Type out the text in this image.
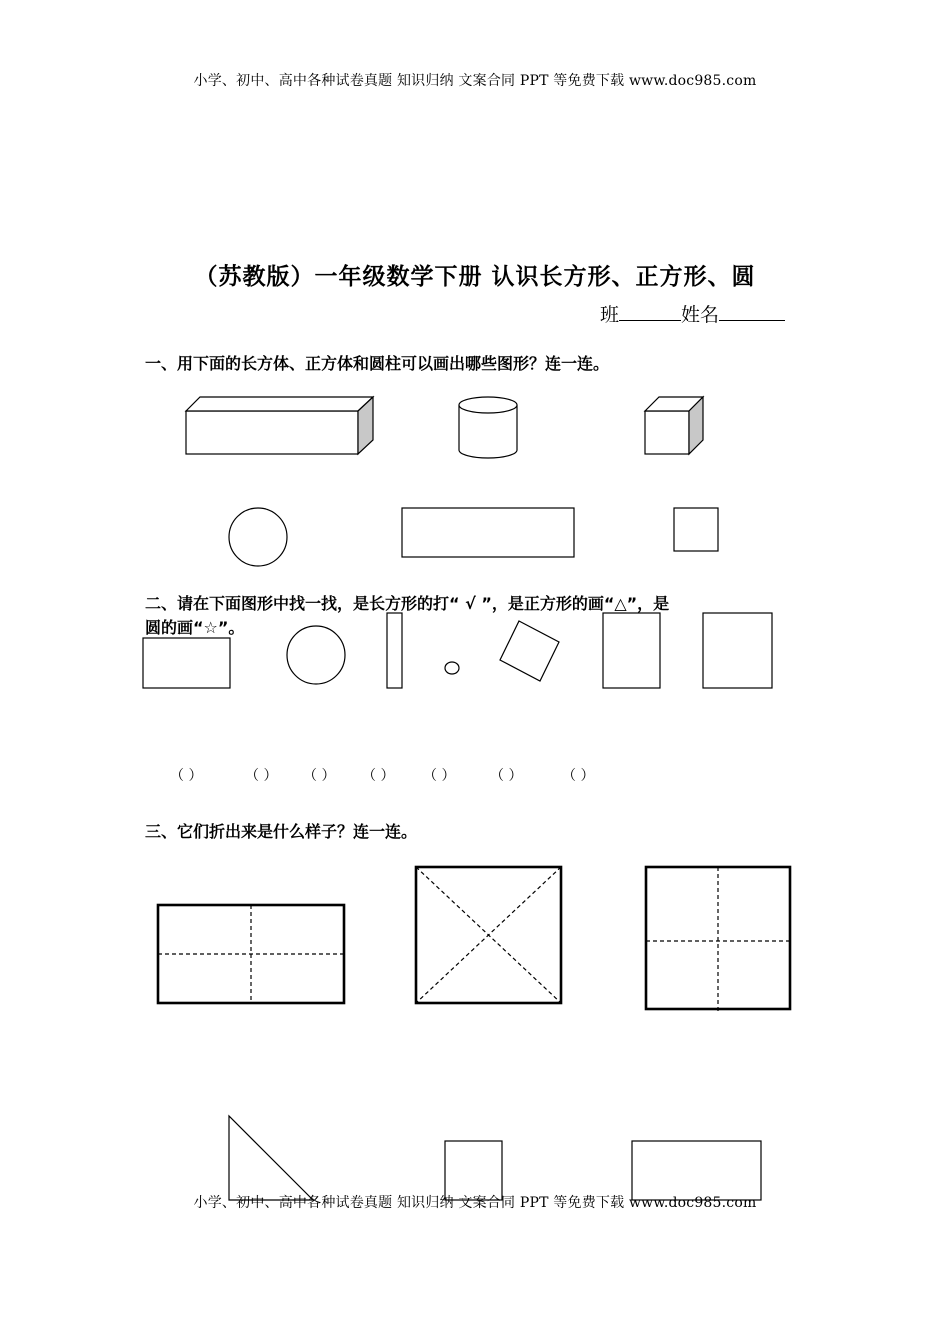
小学、初中、高中各种试卷真题 知识归纳 文案合同 PPT 等免费下载 www.doc985.com
（苏教版）一年级数学下册 认识长方形、正方形、圆
班	姓名
一、用下面的长方体、正方体和圆柱可以画出哪些图形？连一连。
二、请在下面图形中找一找，是长方形的打“ √ ”，是正方形的画“△”，是
圆的画“☆”。
三、它们折出来是什么样子？连一连。
（ ）	（ ） （ ） （ ） （ ） （ ）	（ ）
小学、初中、高中各种试卷真题 知识归纳 文案合同 PPT 等免费下载 www.doc985.com
